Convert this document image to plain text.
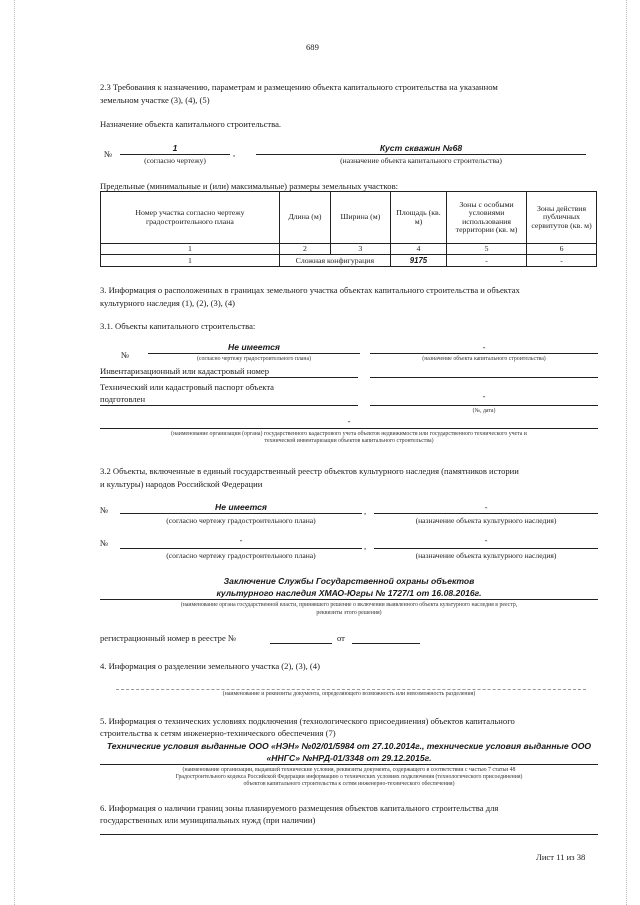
689
2.3 Требования к назначению, параметрам и размещению объекта капитального строительства на указанном
земельном участке (3), (4), (5)
Назначение объекта капитального строительства.
№
1
(согласно чертежу)
,	Куст скважин №68
(назначение объекта капитального строительства)
Предельные (минимальные и (или) максимальные) размеры земельных участков:
Номер участка согласно чертежу градостроительного плана	Длина (м)	Ширина (м)	Площадь (кв. м)	Зоны с особыми условиями использования территории (кв. м)	Зоны действия публичных сервитутов (кв. м)
1	2	3	4	5	6
1	Сложная конфигурация		9175	-	-
3. Информация о расположенных в границах земельного участка объектах капитального строительства и объектах
культурного наследия (1), (2), (3), (4)
3.1. Объекты капитального строительства:
№
Не имеется
(согласно чертежу градостроительного плана)
-
(назначение объекта капитального строительства)
Инвентаризационный или кадастровый номер
Технический или кадастровый паспорт объекта
подготовлен	-
(№, дата)
-
(наименование организации (органа) государственного кадастрового учета объектов недвижимости или государственного технического учета и
технической инвентаризации объектов капитального строительства)
3.2 Объекты, включенные в единый государственный реестр объектов культурного наследия (памятников истории
и культуры) народов Российской Федерации
№	Не имеется
(согласно чертежу градостроительного плана)
,	-
(назначение объекта культурного наследия)
№	-
(согласно чертежу градостроительного плана)
,
-
(назначение объекта культурного наследия)
Заключение Службы Государственной охраны объектов
культурного наследия ХМАО-Югры № 1727/1 от 16.08.2016г.
(наименование органа государственной власти, принявшего решение о включении выявленного объекта культурного наследия в реестр,
реквизиты этого решения)
регистрационный номер в реестре №	от
4. Информация о разделении земельного участка (2), (3), (4)
(наименование и реквизиты документа, определяющего возможность или невозможность разделения)
5. Информация о технических условиях подключения (технологического присоединения) объектов капитального
строительства к сетям инженерно-технического обеспечения (7)
Технические условия выданные ООО «НЭН» №02/01/5984 от 27.10.2014г., технические условия выданные ООО
«ННГС» №НРД-01/3348 от 29.12.2015г.
(наименование организации, выдавшей технические условия, реквизиты документа, содержащего в соответствии с частью 7 статьи 48
Градостроительного кодекса Российской Федерации информацию о технических условиях подключения (технологического присоединения)
объектов капитального строительства к сетям инженерно-технического обеспечения)
6. Информация о наличии границ зоны планируемого размещения объектов капитального строительства для
государственных или муниципальных нужд (при наличии)
Лист 11 из 38
